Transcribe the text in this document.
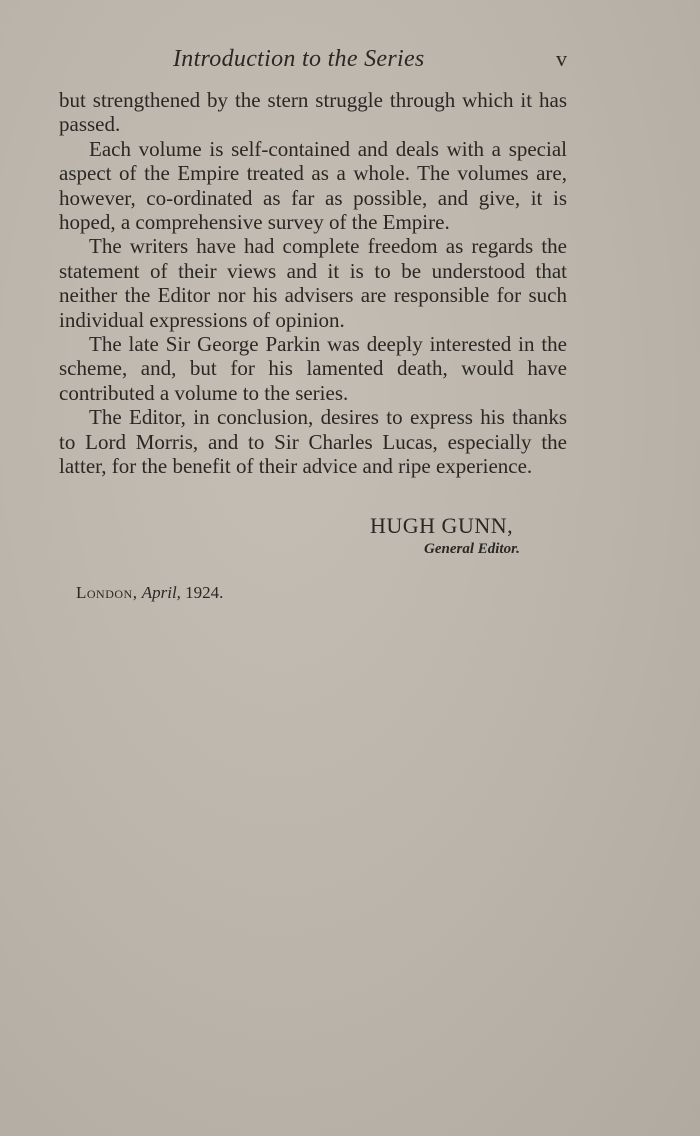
Introduction to the Series	v

but strengthened by the stern struggle through which it has passed.

Each volume is self-contained and deals with a special aspect of the Empire treated as a whole. The volumes are, however, co-ordinated as far as possible, and give, it is hoped, a comprehensive survey of the Empire.

The writers have had complete freedom as regards the statement of their views and it is to be understood that neither the Editor nor his advisers are responsible for such individual expressions of opinion.

The late Sir George Parkin was deeply interested in the scheme, and, but for his lamented death, would have contributed a volume to the series.

The Editor, in conclusion, desires to express his thanks to Lord Morris, and to Sir Charles Lucas, especially the latter, for the benefit of their advice and ripe experience.

HUGH GUNN,
General Editor.
London, April, 1924.
